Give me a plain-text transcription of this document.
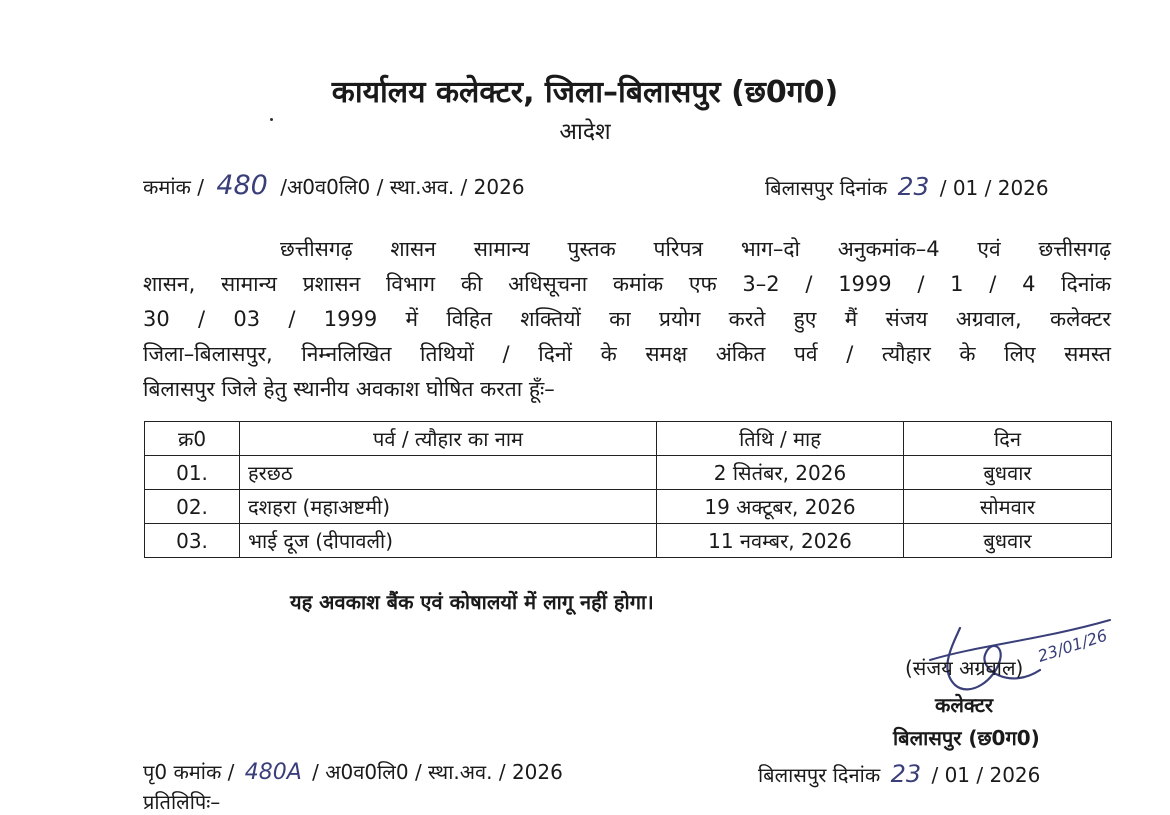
कार्यालय कलेक्टर, जिला–बिलासपुर (छ0ग0)
आदेश
कमांक / 480 /अ0व0लि0 / स्था.अव. / 2026	बिलासपुर दिनांक 23 / 01 / 2026

छत्तीसगढ़ शासन सामान्य पुस्तक परिपत्र भाग–दो अनुकमांक–4 एवं छत्तीसगढ़

शासन, सामान्य प्रशासन विभाग की अधिसूचना कमांक एफ 3–2 / 1999 / 1 / 4 दिनांक

30 / 03 / 1999 में विहित शक्तियों का प्रयोग करते हुए मैं संजय अग्रवाल, कलेक्टर

जिला–बिलासपुर, निम्नलिखित तिथियों / दिनों के समक्ष अंकित पर्व / त्यौहार के लिए समस्त

बिलासपुर जिले हेतु स्थानीय अवकाश घोषित करता हूँः–

क्र0	पर्व / त्यौहार का नाम	तिथि / माह	दिन
01.	हरछठ	2 सितंबर, 2026	बुधवार
02.	दशहरा (महाअष्टमी)	19 अक्टूबर, 2026	सोमवार
03.	भाई दूज (दीपावली)	11 नवम्बर, 2026	बुधवार
यह अवकाश बैंक एवं कोषालयों में लागू नहीं होगा।
23/01/26
(संजय अग्रवाल)
कलेक्टर
बिलासपुर (छ0ग0)
पृ0 कमांक / 480A / अ0व0लि0 / स्था.अव. / 2026	बिलासपुर दिनांक 23 / 01 / 2026
प्रतिलिपिः–
